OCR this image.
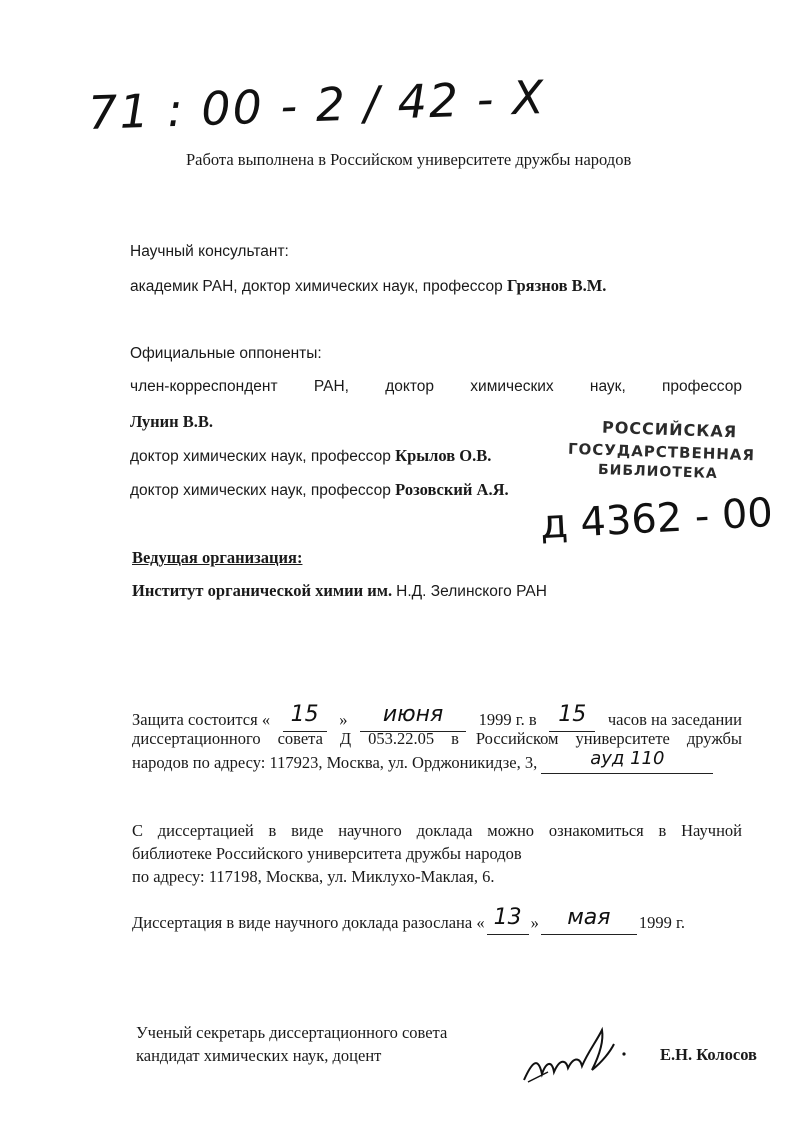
71 : 00 - 2 / 42 - X
Работа выполнена в Российском университете дружбы народов
Научный консультант:
академик РАН, доктор химических наук, профессор Грязнов В.М.
Официальные оппоненты:
член-корреспондент РАН, доктор химических наук, профессор
Лунин В.В.
доктор химических наук, профессор Крылов О.В.
доктор химических наук, профессор Розовский А.Я.
РОССИЙСКАЯ
ГОСУДАРСТВЕННАЯ
БИБЛИОТЕКА
д 4362 - 00
Ведущая организация:
Институт органической химии им. Н.Д. Зелинского РАН
Защита состоится « 15	»	июня	1999 г. в 15	часов на заседании
диссертационного совета Д 053.22.05 в Российском университете дружбы
народов по адресу: 117923, Москва, ул. Орджоникидзе, 3,	ауд 110
С диссертацией в виде научного доклада можно ознакомиться в Научной
библиотеке Российского университета дружбы народов
по адресу: 117198, Москва, ул. Миклухо-Маклая, 6.
Диссертация в виде научного доклада разослана « 13 »	мая	1999 г.
Ученый секретарь диссертационного совета
кандидат химических наук, доцент	Е.Н. Колосов
